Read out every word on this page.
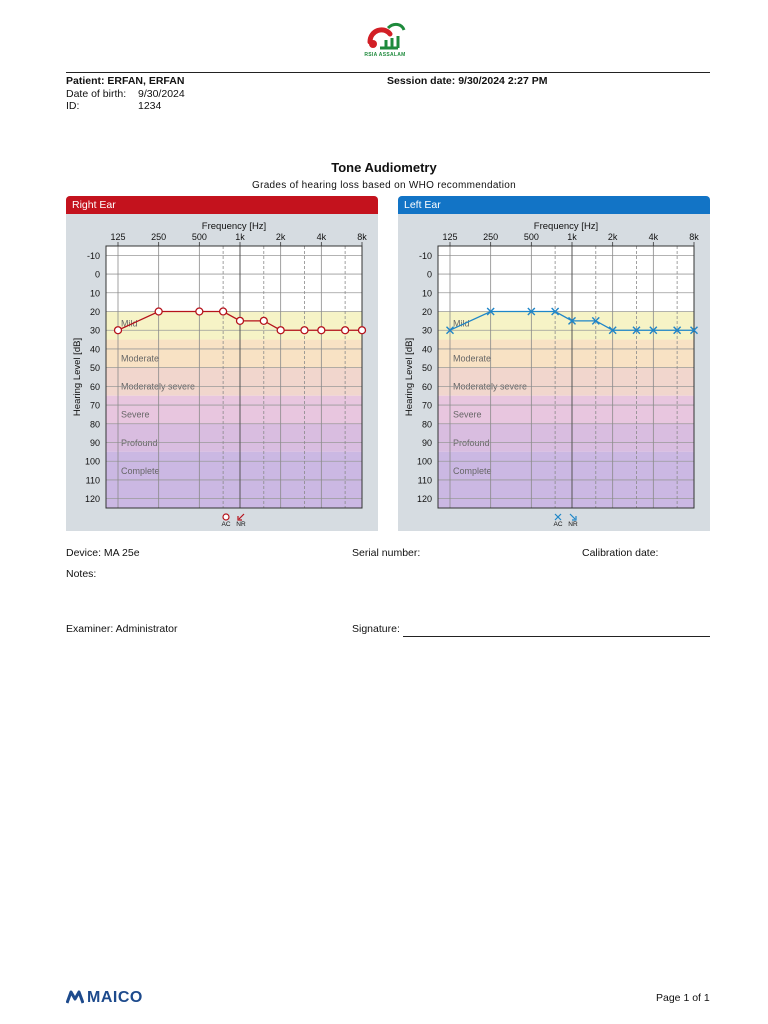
RSIA ASSALAM
Patient: ERFAN, ERFAN	Session date: 9/30/2024 2:27 PM
Date of birth: 9/30/2024
ID:	1234
Tone Audiometry
Grades of hearing loss based on WHO recommendation
Right Ear
Mild
Moderate
Moderately severe
Severe
Profound
Complete
-10
0
10
20
30
40
50
60
70
80
90
100
110
120
125	250	500	1k	2k	4k	8k
Frequency [Hz]
Hearing Level [dB]
AC NR
Left Ear
Mild
Moderate
Moderately severe
Severe
Profound
Complete
-10
0
10
20
30
40
50
60
70
80
90
100
110
120
125	250	500	1k	2k	4k	8k
Frequency [Hz]
Hearing Level [dB]
AC NR
Device: MA 25e	Serial number:	Calibration date:
Notes:
Examiner: Administrator	Signature:
MAICO	Page 1 of 1
